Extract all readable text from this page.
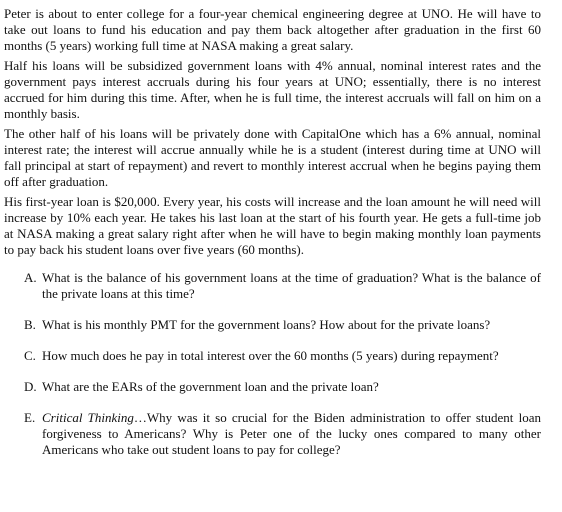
Peter is about to enter college for a four-year chemical engineering degree at UNO. He will have to take out loans to fund his education and pay them back altogether after graduation in the first 60 months (5 years) working full time at NASA making a great salary.

Half his loans will be subsidized government loans with 4% annual, nominal interest rates and the government pays interest accruals during his four years at UNO; essentially, there is no interest accrued for him during this time. After, when he is full time, the interest accruals will fall on him on a monthly basis.

The other half of his loans will be privately done with CapitalOne which has a 6% annual, nominal interest rate; the interest will accrue annually while he is a student (interest during time at UNO will fall principal at start of repayment) and revert to monthly interest accrual when he begins paying them off after graduation.

His first-year loan is $20,000. Every year, his costs will increase and the loan amount he will need will increase by 10% each year. He takes his last loan at the start of his fourth year. He gets a full-time job at NASA making a great salary right after when he will have to begin making monthly loan payments to pay back his student loans over five years (60 months).

A. What is the balance of his government loans at the time of graduation? What is the balance of the private loans at this time?
B. What is his monthly PMT for the government loans? How about for the private loans?
C. How much does he pay in total interest over the 60 months (5 years) during repayment?
D. What are the EARs of the government loan and the private loan?
E. Critical Thinking…Why was it so crucial for the Biden administration to offer student loan forgiveness to Americans? Why is Peter one of the lucky ones compared to many other Americans who take out student loans to pay for college?
